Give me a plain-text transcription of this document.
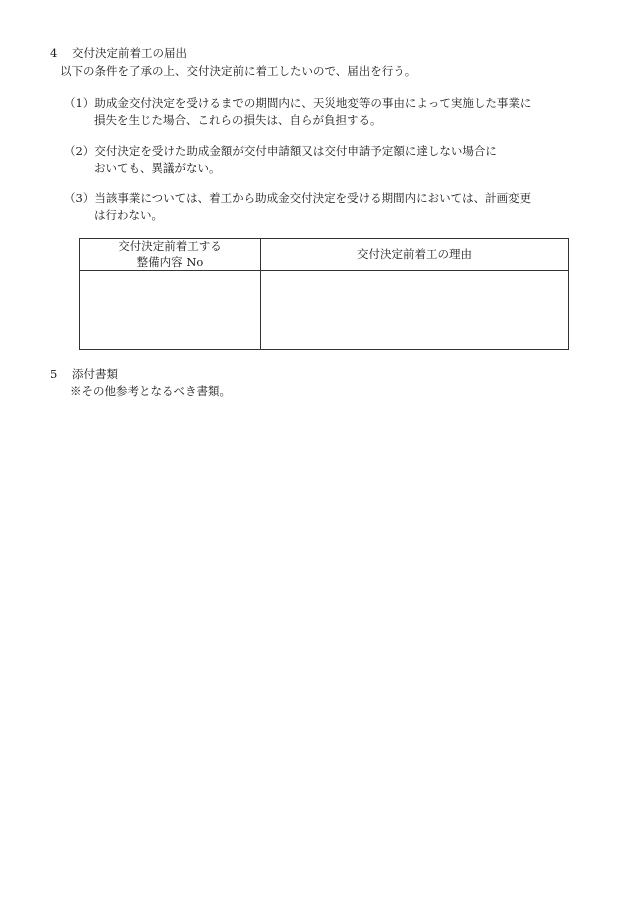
4 交付決定前着工の届出
以下の条件を了承の上、交付決定前に着工したいので、届出を行う。
（1）助成金交付決定を受けるまでの期間内に、天災地変等の事由によって実施した事業に
損失を生じた場合、これらの損失は、自らが負担する。
（2）交付決定を受けた助成金額が交付申請額又は交付申請予定額に達しない場合に
おいても、異議がない。
（3）当該事業については、着工から助成金交付決定を受ける期間内においては、計画変更
は行わない。
交付決定前着工する
整備内容 No	交付決定前着工の理由

5 添付書類
※その他参考となるべき書類。
